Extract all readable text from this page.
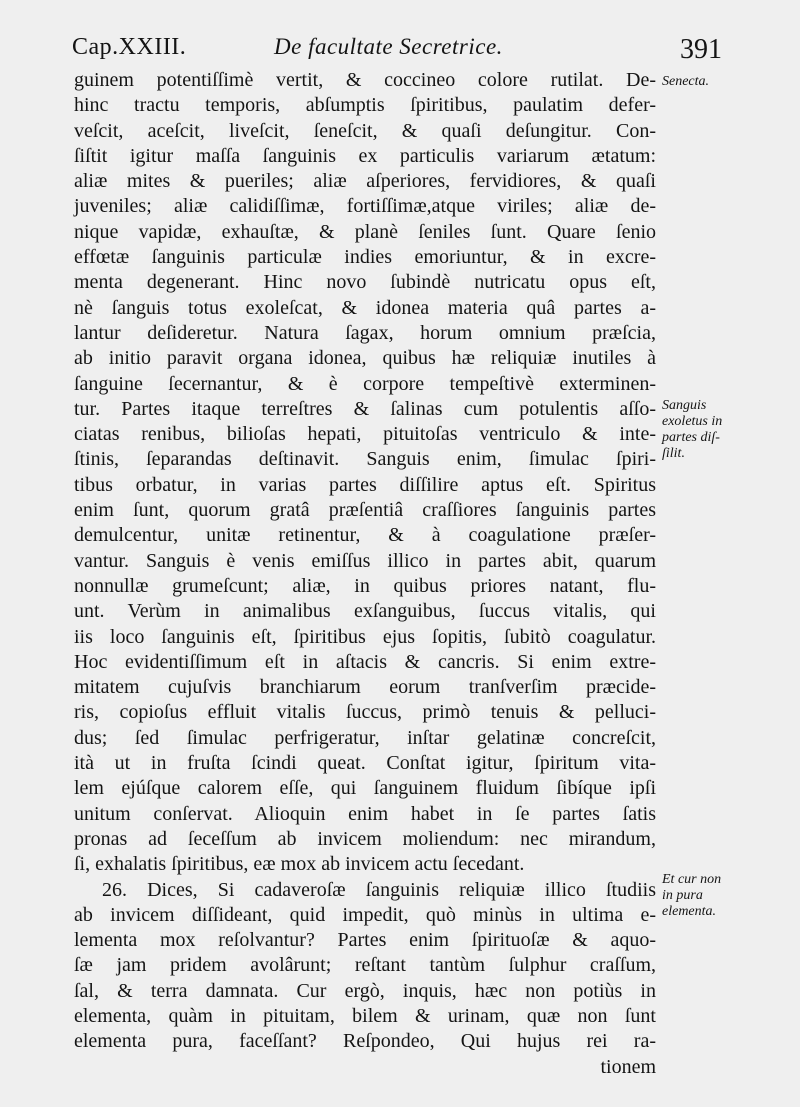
Cap.XXIII.	De facultate Secretrice.	391
guinem potentiſſimè vertit, & coccineo colore rutilat. De-
hinc tractu temporis, abſumptis ſpiritibus, paulatim defer-
veſcit, aceſcit, liveſcit, ſeneſcit, & quaſi deſungitur. Con-
ſiſtit igitur maſſa ſanguinis ex particulis variarum ætatum:
aliæ mites & pueriles; aliæ aſperiores, fervidiores, & quaſi
juveniles; aliæ calidiſſimæ, fortiſſimæ,atque viriles; aliæ de-
nique vapidæ, exhauſtæ, & planè ſeniles ſunt. Quare ſenio
effœtæ ſanguinis particulæ indies emoriuntur, & in excre-
menta degenerant. Hinc novo ſubindè nutricatu opus eſt,
nè ſanguis totus exoleſcat, & idonea materia quâ partes a-
lantur deſideretur. Natura ſagax, horum omnium præſcia,
ab initio paravit organa idonea, quibus hæ reliquiæ inutiles à
ſanguine ſecernantur, & è corpore tempeſtivè exterminen-
tur. Partes itaque terreſtres & ſalinas cum potulentis aſſo-
ciatas renibus, bilioſas hepati, pituitoſas ventriculo & inte-
ſtinis, ſeparandas deſtinavit. Sanguis enim, ſimulac ſpiri-
tibus orbatur, in varias partes diſſilire aptus eſt. Spiritus
enim ſunt, quorum gratâ præſentiâ craſſiores ſanguinis partes
demulcentur, unitæ retinentur, & à coagulatione præſer-
vantur. Sanguis è venis emiſſus illico in partes abit, quarum
nonnullæ grumeſcunt; aliæ, in quibus priores natant, flu-
unt. Verùm in animalibus exſanguibus, ſuccus vitalis, qui
iis loco ſanguinis eſt, ſpiritibus ejus ſopitis, ſubitò coagulatur.
Hoc evidentiſſimum eſt in aſtacis & cancris. Si enim extre-
mitatem cujuſvis branchiarum eorum tranſverſim præcide-
ris, copioſus effluit vitalis ſuccus, primò tenuis & pelluci-
dus; ſed ſimulac perfrigeratur, inſtar gelatinæ concreſcit,
ità ut in fruſta ſcindi queat. Conſtat igitur, ſpiritum vita-
lem ejúſque calorem eſſe, qui ſanguinem fluidum ſibíque ipſi
unitum conſervat. Alioquin enim habet in ſe partes ſatis
pronas ad ſeceſſum ab invicem moliendum: nec mirandum,
ſi, exhalatis ſpiritibus, eæ mox ab invicem actu ſecedant.
26. Dices, Si cadaveroſæ ſanguinis reliquiæ illico ſtudiis
ab invicem diſſideant, quid impedit, quò minùs in ultima e-
lementa mox reſolvantur? Partes enim ſpirituoſæ & aquo-
ſæ jam pridem avolârunt; reſtant tantùm ſulphur craſſum,
ſal, & terra damnata. Cur ergò, inquis, hæc non potiùs in
elementa, quàm in pituitam, bilem & urinam, quæ non ſunt
elementa pura, faceſſant? Reſpondeo, Qui hujus rei ra-
tionem
Senecta.
Sanguis
exoletus in
partes diſ-
ſilit.
Et cur non
in pura
elementa.
